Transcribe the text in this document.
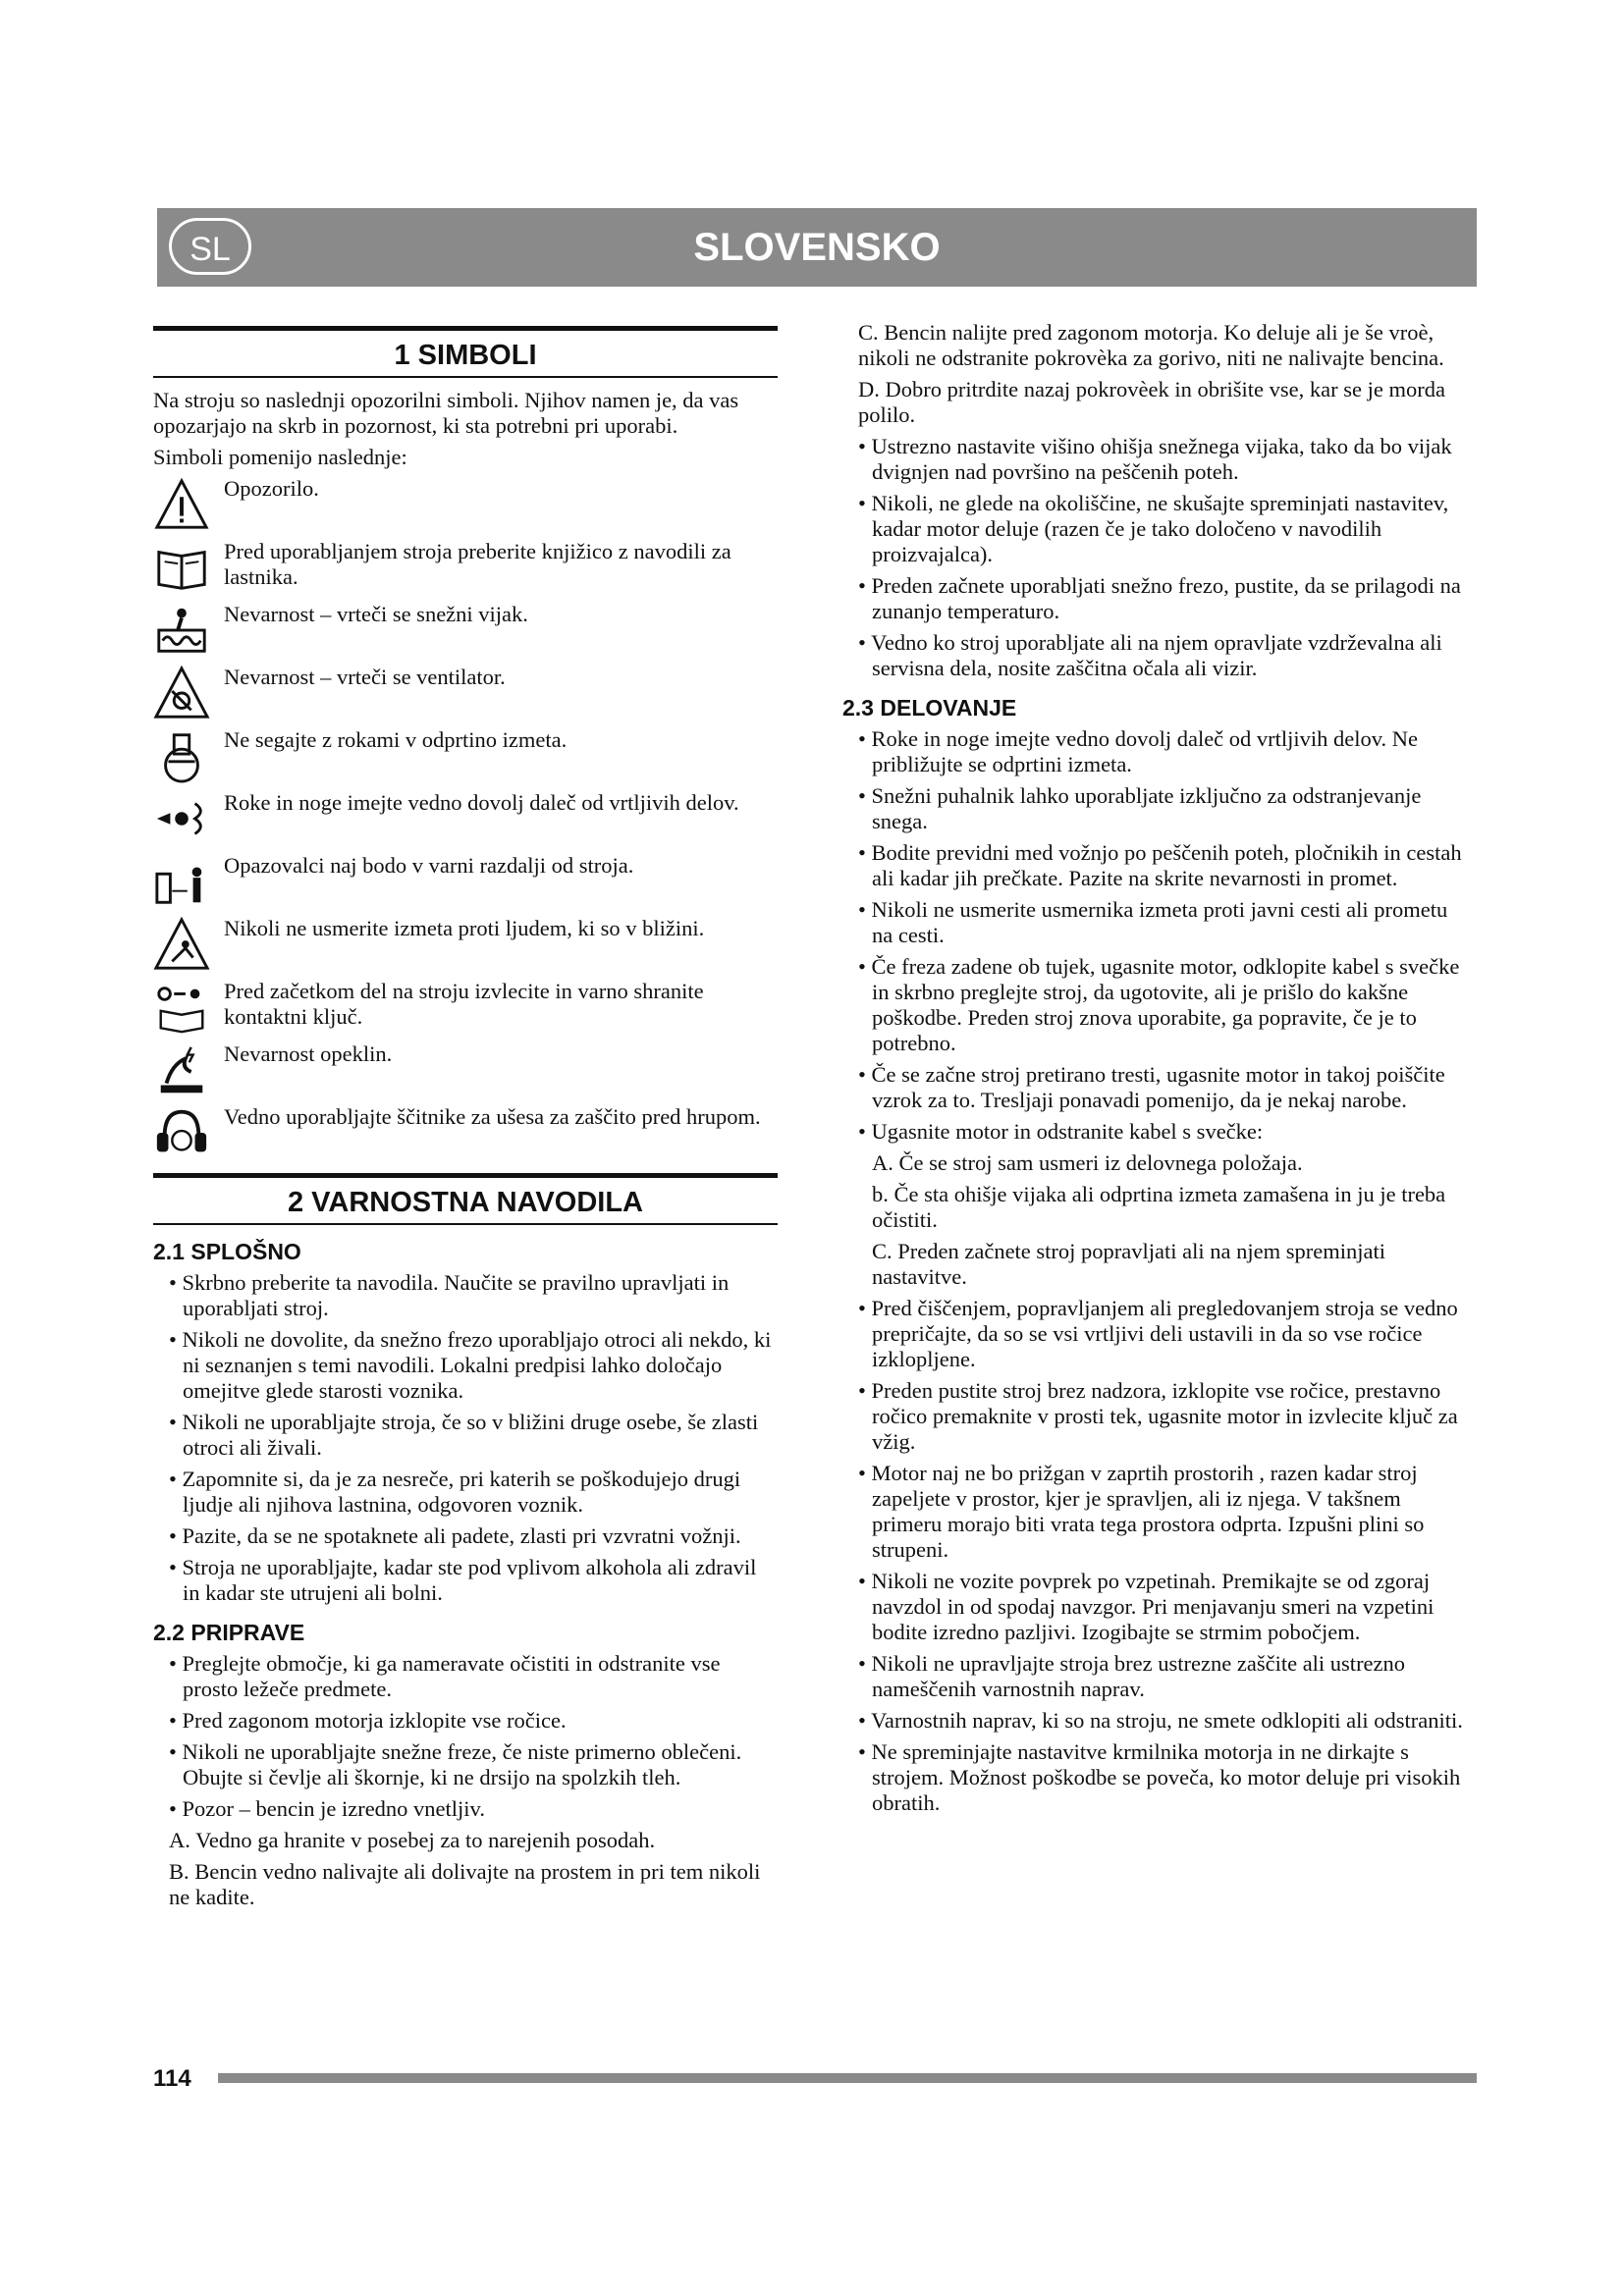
SL	SLOVENSKO
1 SIMBOLI

Na stroju so naslednji opozorilni simboli. Njihov namen je, da vas opozarjajo na skrb in pozornost, ki sta potrebni pri uporabi.

Simboli pomenijo naslednje:

Opozorilo.
Pred uporabljanjem stroja preberite knjižico z navodili za lastnika.
Nevarnost – vrteči se snežni vijak.
Nevarnost – vrteči se ventilator.
Ne segajte z rokami v odprtino izmeta.
Roke in noge imejte vedno dovolj daleč od vrtljivih delov.
Opazovalci naj bodo v varni razdalji od stroja.
Nikoli ne usmerite izmeta proti ljudem, ki so v bližini.
Pred začetkom del na stroju izvlecite in varno shranite kontaktni ključ.
Nevarnost opeklin.
Vedno uporabljajte ščitnike za ušesa za zaščito pred hrupom.
2 VARNOSTNA NAVODILA
2.1 SPLOŠNO
• Skrbno preberite ta navodila. Naučite se pravilno upravljati in uporabljati stroj.
• Nikoli ne dovolite, da snežno frezo uporabljajo otroci ali nekdo, ki ni seznanjen s temi navodili. Lokalni predpisi lahko določajo omejitve glede starosti voznika.
• Nikoli ne uporabljajte stroja, če so v bližini druge osebe, še zlasti otroci ali živali.
• Zapomnite si, da je za nesreče, pri katerih se poškodujejo drugi ljudje ali njihova lastnina, odgovoren voznik.
• Pazite, da se ne spotaknete ali padete, zlasti pri vzvratni vožnji.
• Stroja ne uporabljajte, kadar ste pod vplivom alkohola ali zdravil in kadar ste utrujeni ali bolni.
2.2 PRIPRAVE
• Preglejte območje, ki ga nameravate očistiti in odstranite vse prosto ležeče predmete.
• Pred zagonom motorja izklopite vse ročice.
• Nikoli ne uporabljajte snežne freze, če niste primerno oblečeni. Obujte si čevlje ali škornje, ki ne drsijo na spolzkih tleh.
• Pozor – bencin je izredno vnetljiv.
A. Vedno ga hranite v posebej za to narejenih posodah.
B. Bencin vedno nalivajte ali dolivajte na prostem in pri tem nikoli ne kadite.
C. Bencin nalijte pred zagonom motorja. Ko deluje ali je še vroè, nikoli ne odstranite pokrovèka za gorivo, niti ne nalivajte bencina.
D. Dobro pritrdite nazaj pokrovèek in obrišite vse, kar se je morda polilo.
• Ustrezno nastavite višino ohišja snežnega vijaka, tako da bo vijak dvignjen nad površino na peščenih poteh.
• Nikoli, ne glede na okoliščine, ne skušajte spreminjati nastavitev, kadar motor deluje (razen če je tako določeno v navodilih proizvajalca).
• Preden začnete uporabljati snežno frezo, pustite, da se prilagodi na zunanjo temperaturo.
• Vedno ko stroj uporabljate ali na njem opravljate vzdrževalna ali servisna dela, nosite zaščitna očala ali vizir.
2.3 DELOVANJE
• Roke in noge imejte vedno dovolj daleč od vrtljivih delov. Ne približujte se odprtini izmeta.
• Snežni puhalnik lahko uporabljate izključno za odstranjevanje snega.
• Bodite previdni med vožnjo po peščenih poteh, pločnikih in cestah ali kadar jih prečkate. Pazite na skrite nevarnosti in promet.
• Nikoli ne usmerite usmernika izmeta proti javni cesti ali prometu na cesti.
• Če freza zadene ob tujek, ugasnite motor, odklopite kabel s svečke in skrbno preglejte stroj, da ugotovite, ali je prišlo do kakšne poškodbe. Preden stroj znova uporabite, ga popravite, če je to potrebno.
• Če se začne stroj pretirano tresti, ugasnite motor in takoj poiščite vzrok za to. Tresljaji ponavadi pomenijo, da je nekaj narobe.
• Ugasnite motor in odstranite kabel s svečke:
A. Če se stroj sam usmeri iz delovnega položaja.
b. Če sta ohišje vijaka ali odprtina izmeta zamašena in ju je treba očistiti.
C. Preden začnete stroj popravljati ali na njem spreminjati nastavitve.
• Pred čiščenjem, popravljanjem ali pregledovanjem stroja se vedno prepričajte, da so se vsi vrtljivi deli ustavili in da so vse ročice izklopljene.
• Preden pustite stroj brez nadzora, izklopite vse ročice, prestavno ročico premaknite v prosti tek, ugasnite motor in izvlecite ključ za vžig.
• Motor naj ne bo prižgan v zaprtih prostorih , razen kadar stroj zapeljete v prostor, kjer je spravljen, ali iz njega. V takšnem primeru morajo biti vrata tega prostora odprta. Izpušni plini so strupeni.
• Nikoli ne vozite povprek po vzpetinah. Premikajte se od zgoraj navzdol in od spodaj navzgor. Pri menjavanju smeri na vzpetini bodite izredno pazljivi. Izogibajte se strmim pobočjem.
• Nikoli ne upravljajte stroja brez ustrezne zaščite ali ustrezno nameščenih varnostnih naprav.
• Varnostnih naprav, ki so na stroju, ne smete odklopiti ali odstraniti.
• Ne spreminjajte nastavitve krmilnika motorja in ne dirkajte s strojem. Možnost poškodbe se poveča, ko motor deluje pri visokih obratih.
114
